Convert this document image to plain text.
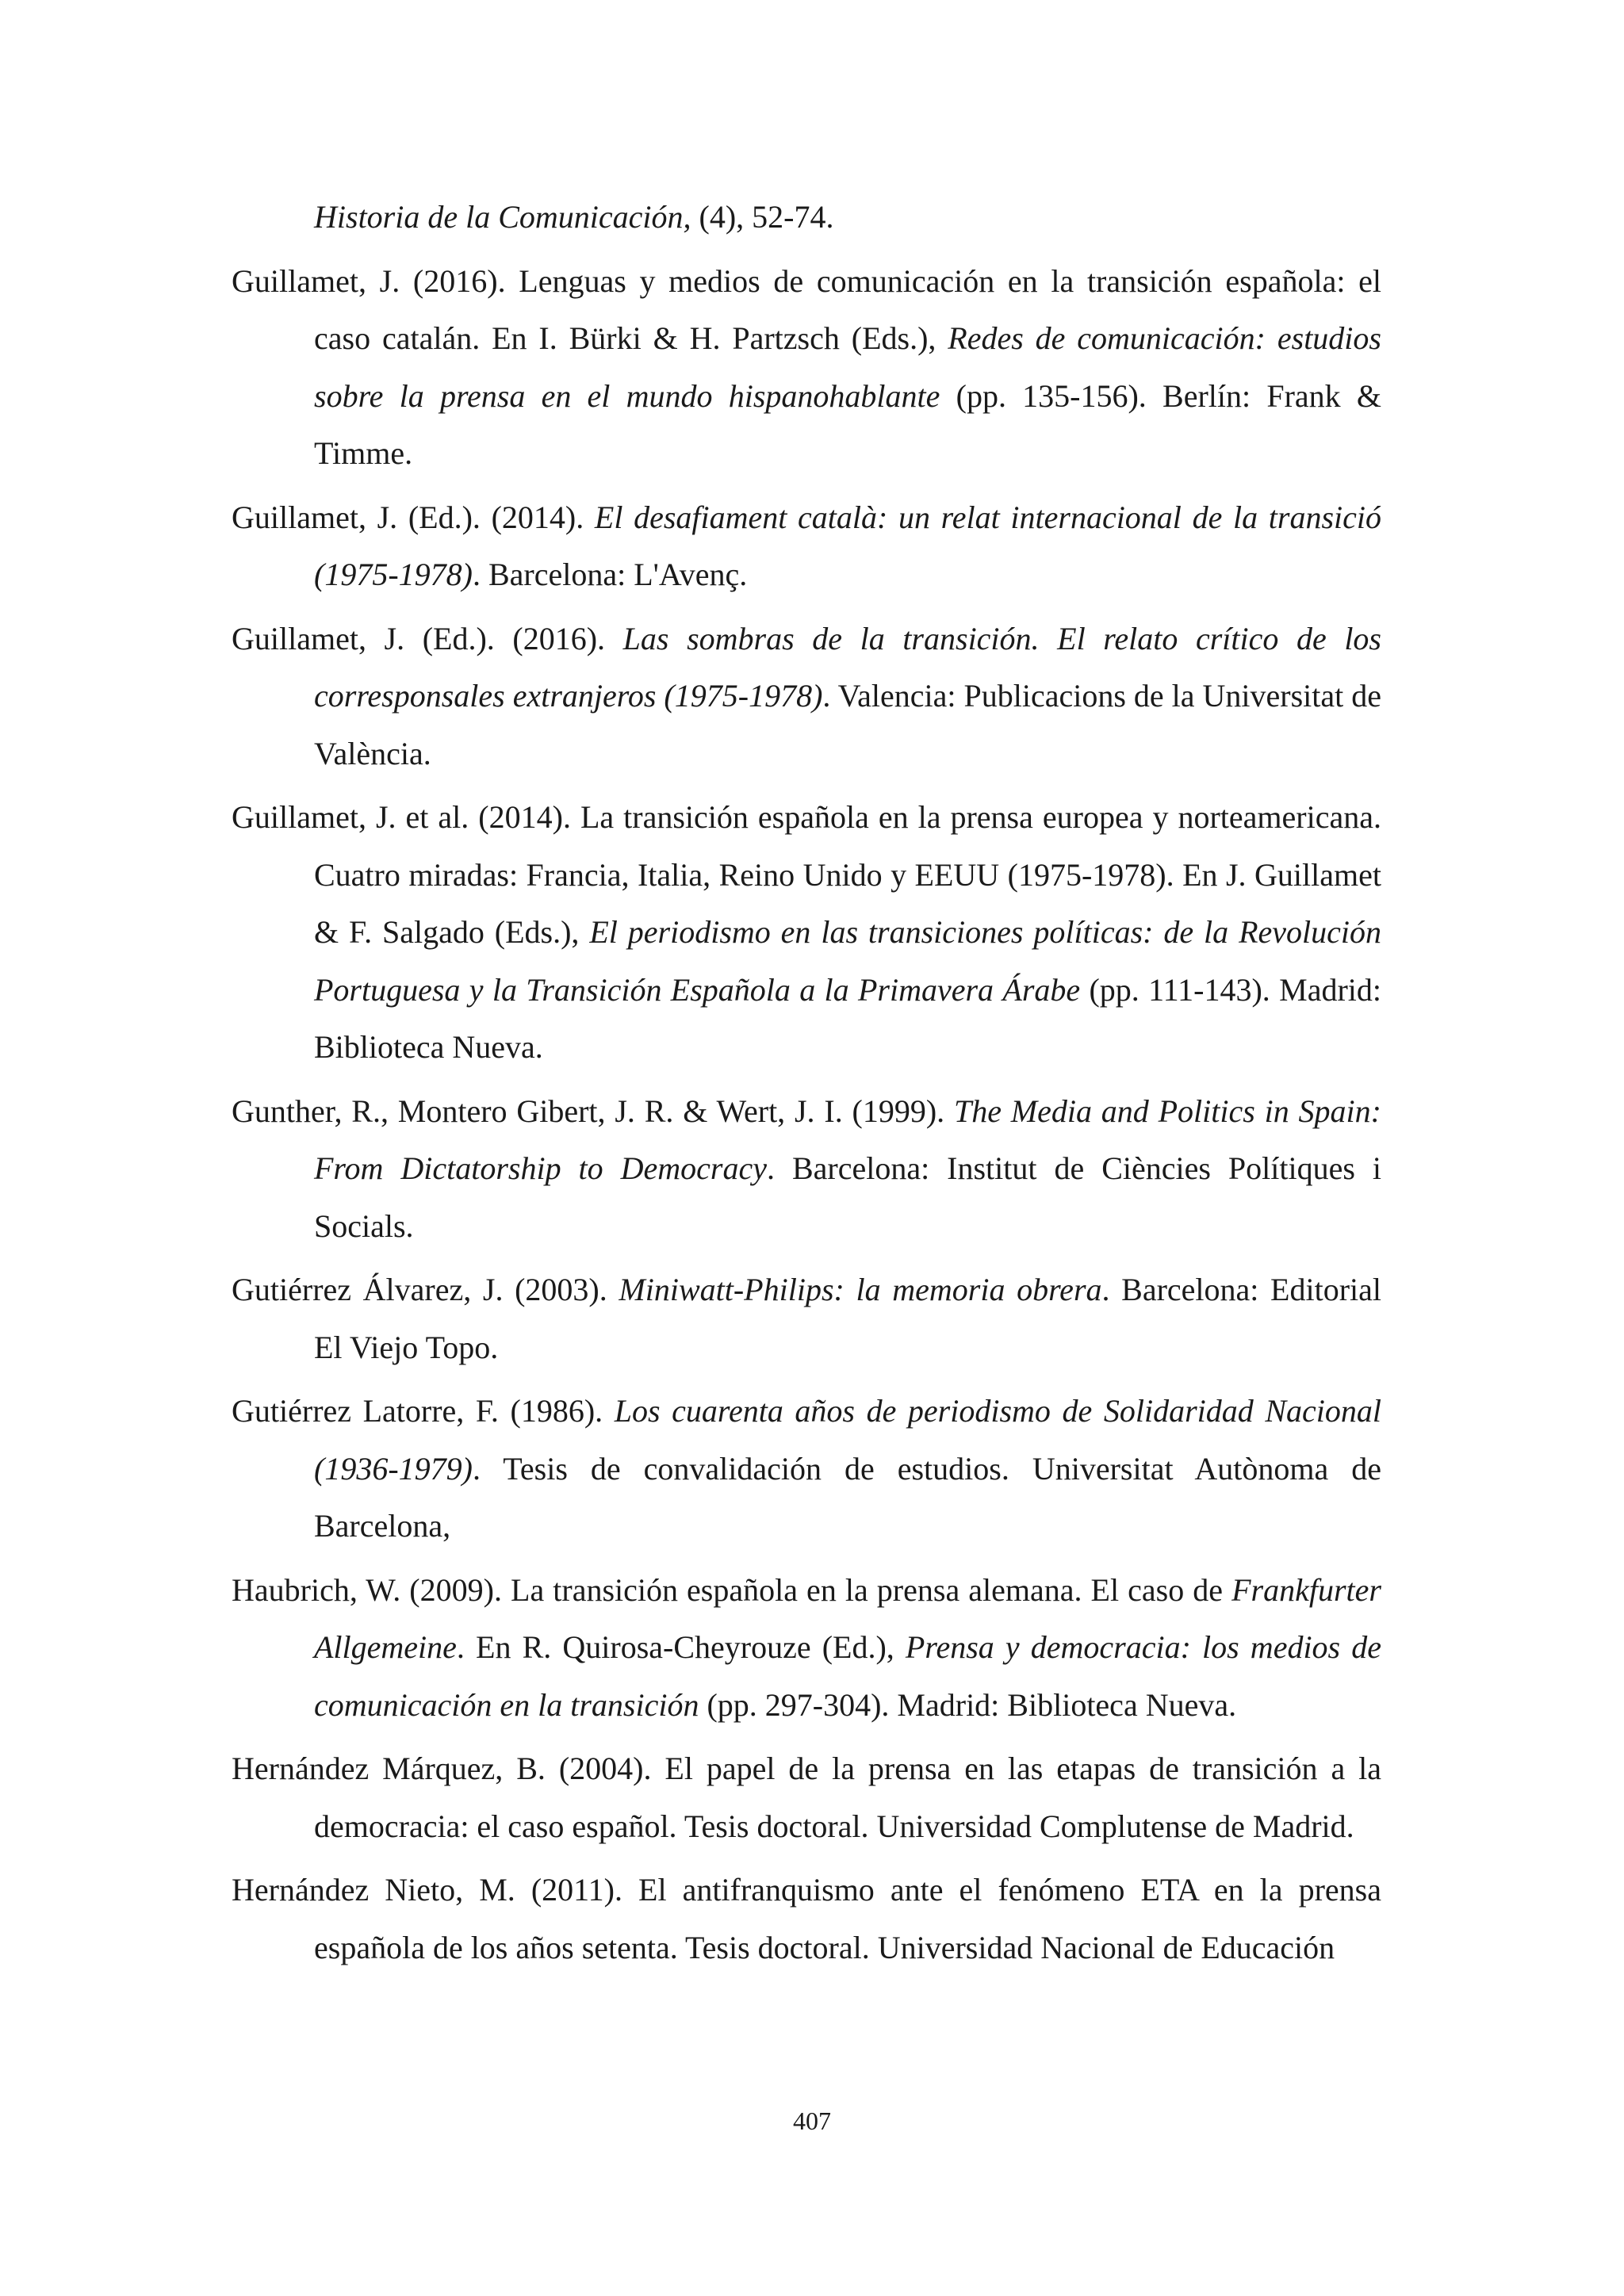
Historia de la Comunicación, (4), 52-74.

Guillamet, J. (2016). Lenguas y medios de comunicación en la transición española: el caso catalán. En I. Bürki & H. Partzsch (Eds.), Redes de comunicación: estudios sobre la prensa en el mundo hispanohablante (pp. 135-156). Berlín: Frank & Timme.

Guillamet, J. (Ed.). (2014). El desafiament català: un relat internacional de la transició (1975-1978). Barcelona: L'Avenç.

Guillamet, J. (Ed.). (2016). Las sombras de la transición. El relato crítico de los corresponsales extranjeros (1975-1978). Valencia: Publicacions de la Universitat de València.

Guillamet, J. et al. (2014). La transición española en la prensa europea y norteamericana. Cuatro miradas: Francia, Italia, Reino Unido y EEUU (1975-1978). En J. Guillamet & F. Salgado (Eds.), El periodismo en las transiciones políticas: de la Revolución Portuguesa y la Transición Española a la Primavera Árabe (pp. 111-143). Madrid: Biblioteca Nueva.

Gunther, R., Montero Gibert, J. R. & Wert, J. I. (1999). The Media and Politics in Spain: From Dictatorship to Democracy. Barcelona: Institut de Ciències Polítiques i Socials.

Gutiérrez Álvarez, J. (2003). Miniwatt-Philips: la memoria obrera. Barcelona: Editorial El Viejo Topo.

Gutiérrez Latorre, F. (1986). Los cuarenta años de periodismo de Solidaridad Nacional (1936-1979). Tesis de convalidación de estudios. Universitat Autònoma de Barcelona,

Haubrich, W. (2009). La transición española en la prensa alemana. El caso de Frankfurter Allgemeine. En R. Quirosa-Cheyrouze (Ed.), Prensa y democracia: los medios de comunicación en la transición (pp. 297-304). Madrid: Biblioteca Nueva.

Hernández Márquez, B. (2004). El papel de la prensa en las etapas de transición a la democracia: el caso español. Tesis doctoral. Universidad Complutense de Madrid.

Hernández Nieto, M. (2011). El antifranquismo ante el fenómeno ETA en la prensa española de los años setenta. Tesis doctoral. Universidad Nacional de Educación

407
